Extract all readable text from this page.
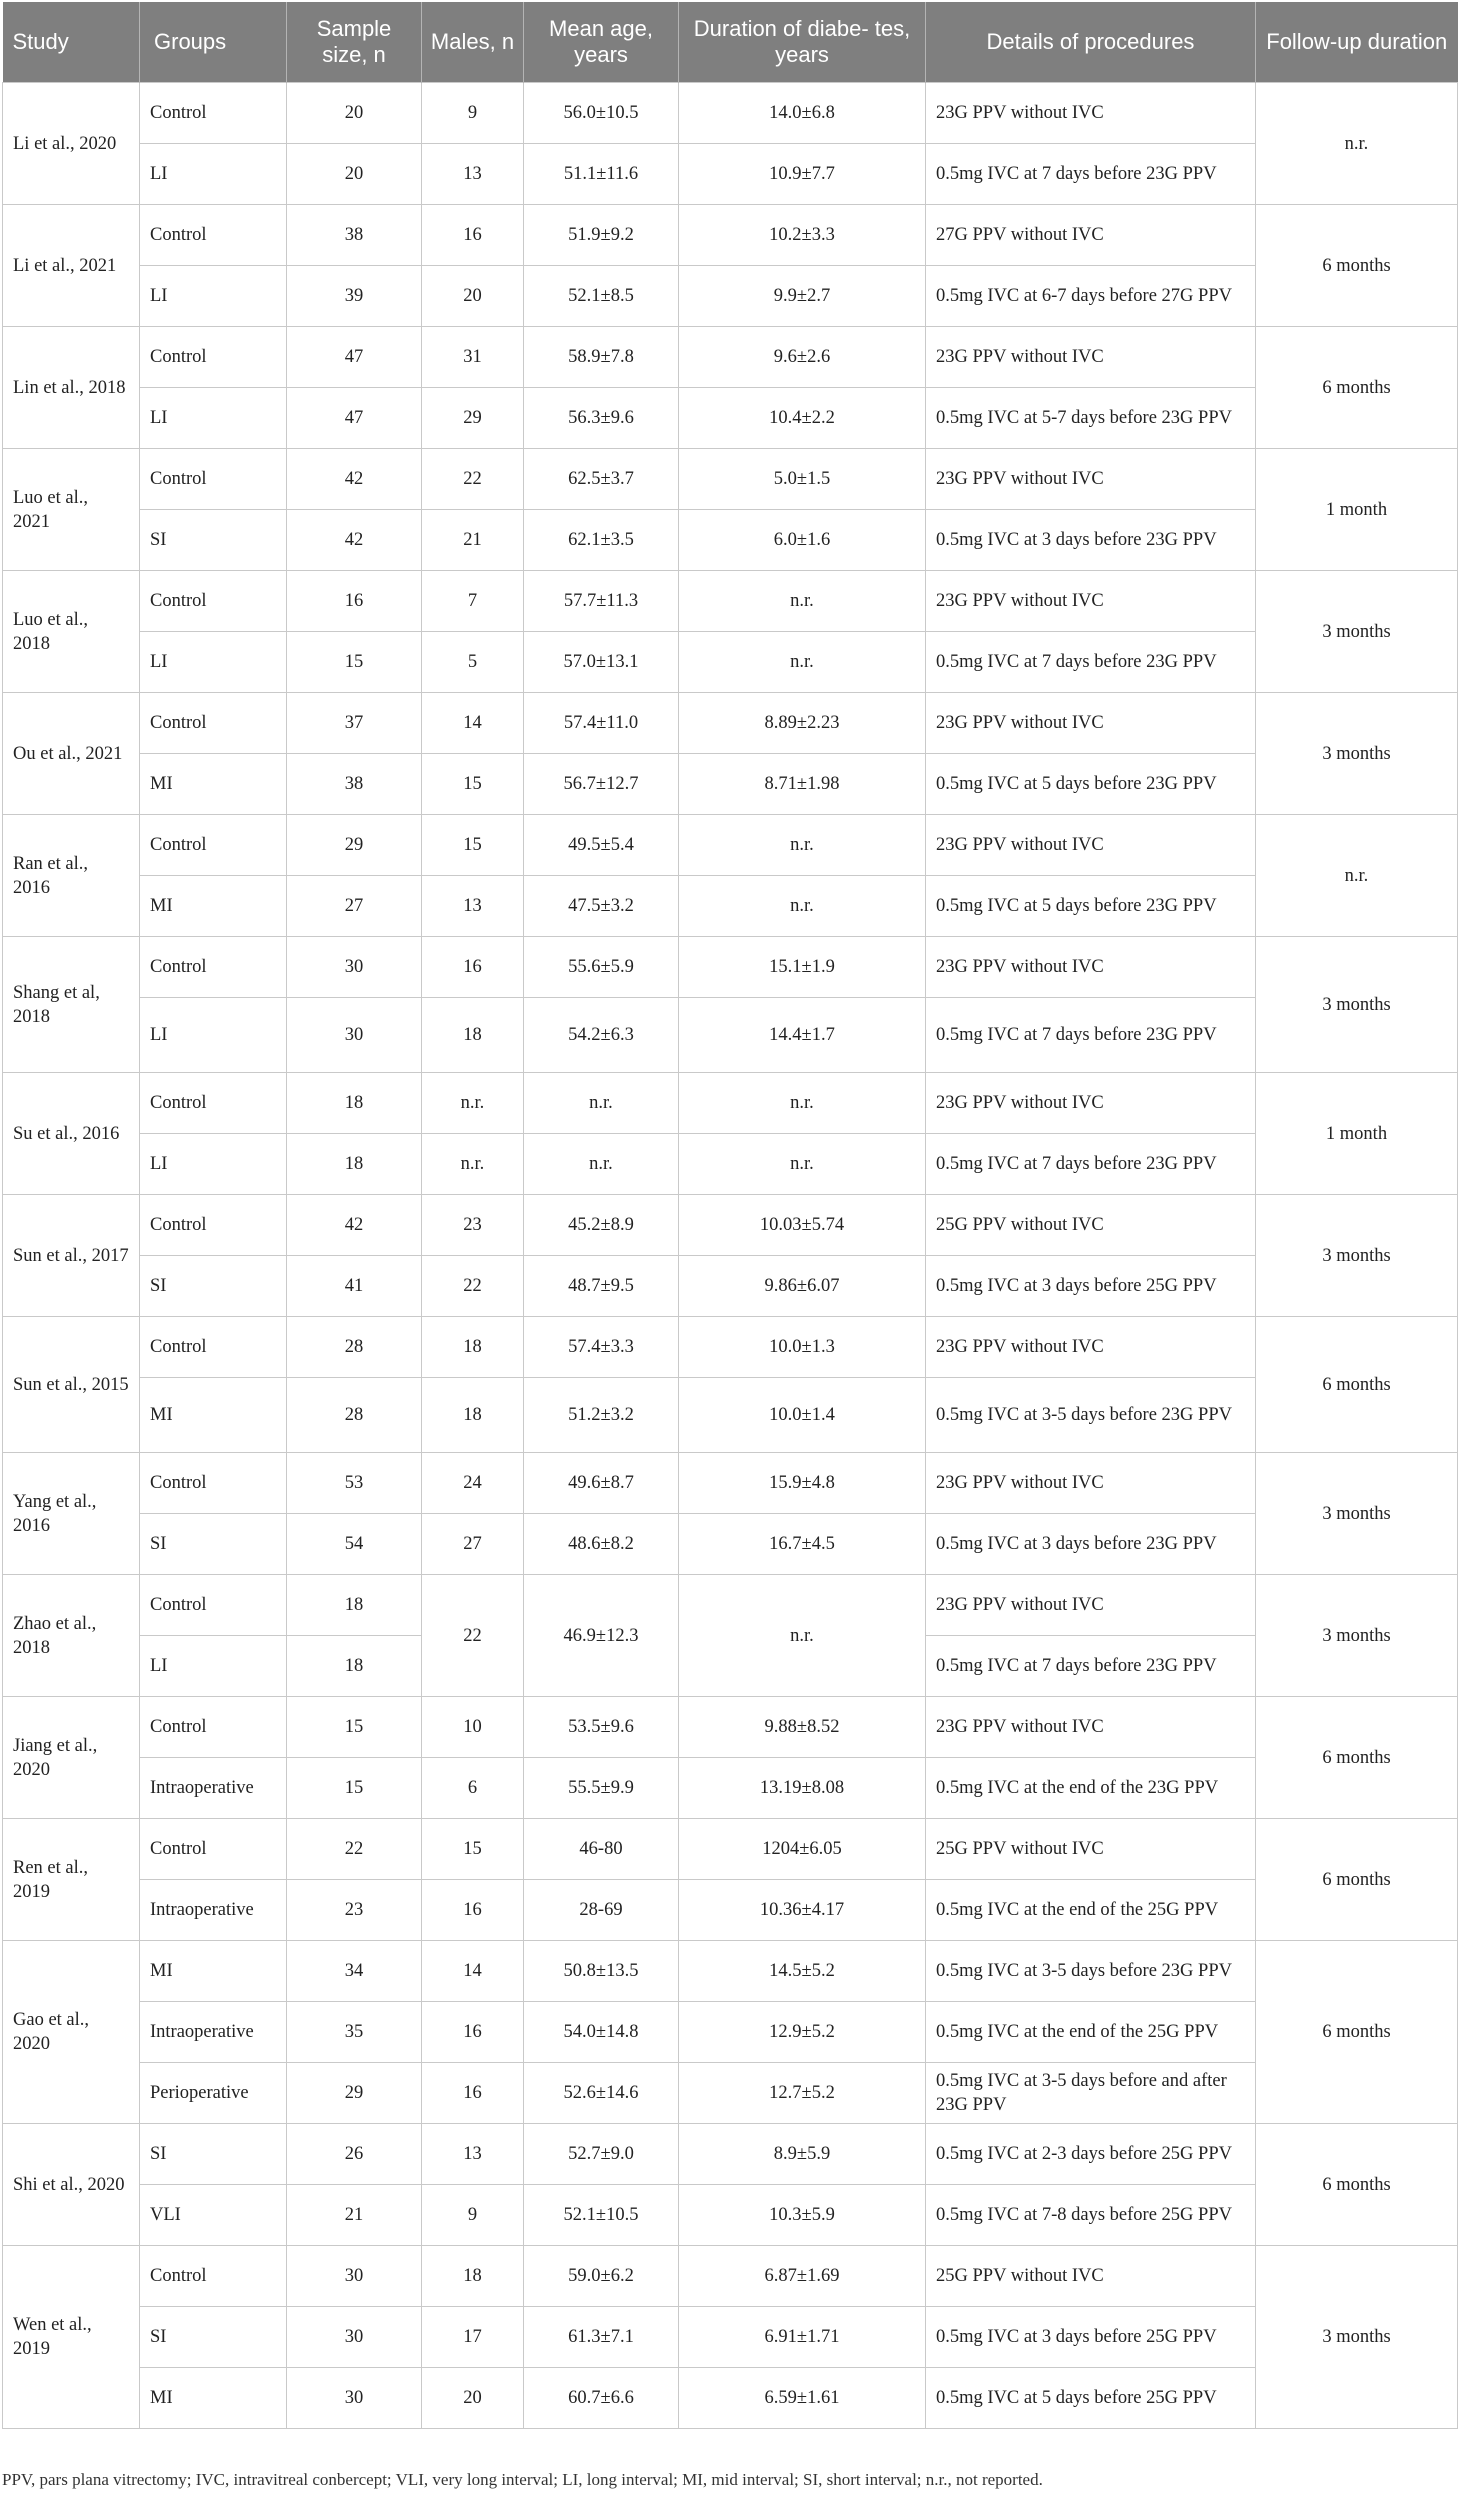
Study	Groups	Sample size, n	Males, n	Mean age, years	Duration of diabe- tes, years	Details of procedures	Follow-up duration
Li et al., 2020	Control	20	9	56.0±10.5	14.0±6.8	23G PPV without IVC	n.r.
	LI	20	13	51.1±11.6	10.9±7.7	0.5mg IVC at 7 days before 23G PPV	
Li et al., 2021	Control	38	16	51.9±9.2	10.2±3.3	27G PPV without IVC	6 months
	LI	39	20	52.1±8.5	9.9±2.7	0.5mg IVC at 6-7 days before 27G PPV	
Lin et al., 2018	Control	47	31	58.9±7.8	9.6±2.6	23G PPV without IVC	6 months
	LI	47	29	56.3±9.6	10.4±2.2	0.5mg IVC at 5-7 days before 23G PPV	
Luo et al., 2021	Control	42	22	62.5±3.7	5.0±1.5	23G PPV without IVC	1 month
	SI	42	21	62.1±3.5	6.0±1.6	0.5mg IVC at 3 days before 23G PPV	
Luo et al., 2018	Control	16	7	57.7±11.3	n.r.	23G PPV without IVC	3 months
	LI	15	5	57.0±13.1	n.r.	0.5mg IVC at 7 days before 23G PPV	
Ou et al., 2021	Control	37	14	57.4±11.0	8.89±2.23	23G PPV without IVC	3 months
	MI	38	15	56.7±12.7	8.71±1.98	0.5mg IVC at 5 days before 23G PPV	
Ran et al., 2016	Control	29	15	49.5±5.4	n.r.	23G PPV without IVC	n.r.
	MI	27	13	47.5±3.2	n.r.	0.5mg IVC at 5 days before 23G PPV	
Shang et al, 2018	Control	30	16	55.6±5.9	15.1±1.9	23G PPV without IVC	3 months
	LI	30	18	54.2±6.3	14.4±1.7	0.5mg IVC at 7 days before 23G PPV	
Su et al., 2016	Control	18	n.r.	n.r.	n.r.	23G PPV without IVC	1 month
	LI	18	n.r.	n.r.	n.r.	0.5mg IVC at 7 days before 23G PPV	
Sun et al., 2017	Control	42	23	45.2±8.9	10.03±5.74	25G PPV without IVC	3 months
	SI	41	22	48.7±9.5	9.86±6.07	0.5mg IVC at 3 days before 25G PPV	
Sun et al., 2015	Control	28	18	57.4±3.3	10.0±1.3	23G PPV without IVC	6 months
	MI	28	18	51.2±3.2	10.0±1.4	0.5mg IVC at 3-5 days before 23G PPV	
Yang et al., 2016	Control	53	24	49.6±8.7	15.9±4.8	23G PPV without IVC	3 months
	SI	54	27	48.6±8.2	16.7±4.5	0.5mg IVC at 3 days before 23G PPV	
Zhao et al., 2018	Control	18	22	46.9±12.3	n.r.	23G PPV without IVC	3 months
	LI	18				0.5mg IVC at 7 days before 23G PPV	
Jiang et al., 2020	Control	15	10	53.5±9.6	9.88±8.52	23G PPV without IVC	6 months
	Intraoperative	15	6	55.5±9.9	13.19±8.08	0.5mg IVC at the end of the 23G PPV	
Ren et al., 2019	Control	22	15	46-80	1204±6.05	25G PPV without IVC	6 months
	Intraoperative	23	16	28-69	10.36±4.17	0.5mg IVC at the end of the 25G PPV	
Gao et al., 2020	MI	34	14	50.8±13.5	14.5±5.2	0.5mg IVC at 3-5 days before 23G PPV	6 months
	Intraoperative	35	16	54.0±14.8	12.9±5.2	0.5mg IVC at the end of the 25G PPV	
	Perioperative	29	16	52.6±14.6	12.7±5.2	0.5mg IVC at 3-5 days before and after 23G PPV	
Shi et al., 2020	SI	26	13	52.7±9.0	8.9±5.9	0.5mg IVC at 2-3 days before 25G PPV	6 months
	VLI	21	9	52.1±10.5	10.3±5.9	0.5mg IVC at 7-8 days before 25G PPV	
Wen et al., 2019	Control	30	18	59.0±6.2	6.87±1.69	25G PPV without IVC	3 months
	SI	30	17	61.3±7.1	6.91±1.71	0.5mg IVC at 3 days before 25G PPV	
	MI	30	20	60.7±6.6	6.59±1.61	0.5mg IVC at 5 days before 25G PPV	
PPV, pars plana vitrectomy; IVC, intravitreal conbercept; VLI, very long interval; LI, long interval; MI, mid interval; SI, short interval; n.r., not reported.
